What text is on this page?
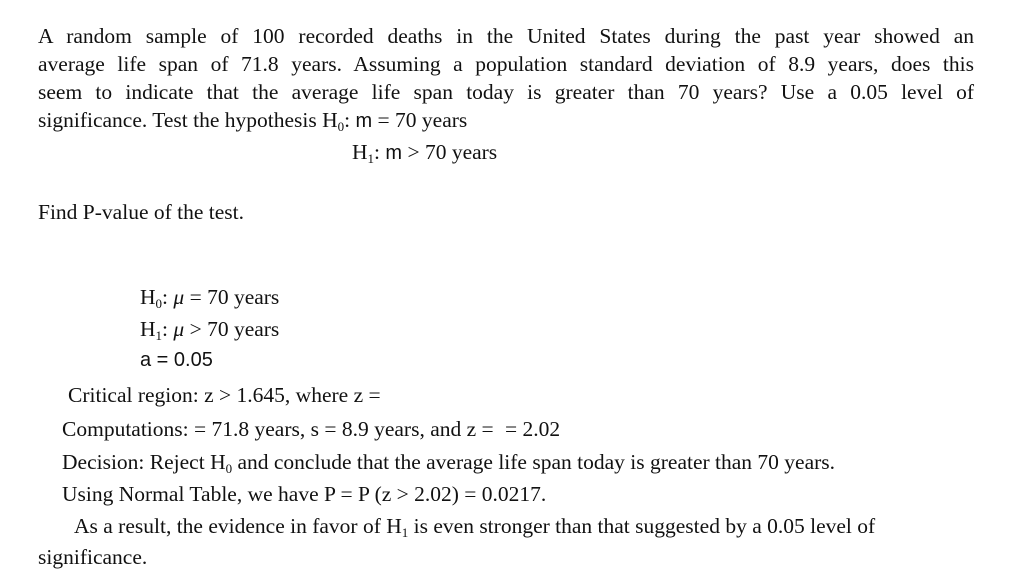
A random sample of 100 recorded deaths in the United States during the past year showed an
average life span of 71.8 years. Assuming a population standard deviation of 8.9 years, does this
seem to indicate that the average life span today is greater than 70 years? Use a 0.05 level of
significance. Test the hypothesis $H_0$: m = 70 years
$H_1$: m > 70 years
Find P-value of the test.
$H_0$: μ = 70 years
$H_1$: μ > 70 years
a = 0.05
Critical region: z > 1.645, where z =
Computations: = 71.8 years, s = 8.9 years, and z = = 2.02
Decision: Reject $H_0$ and conclude that the average life span today is greater than 70 years.
Using Normal Table, we have P = P (z > 2.02) = 0.0217.
As a result, the evidence in favor of $H_1$ is even stronger than that suggested by a 0.05 level of
significance.
